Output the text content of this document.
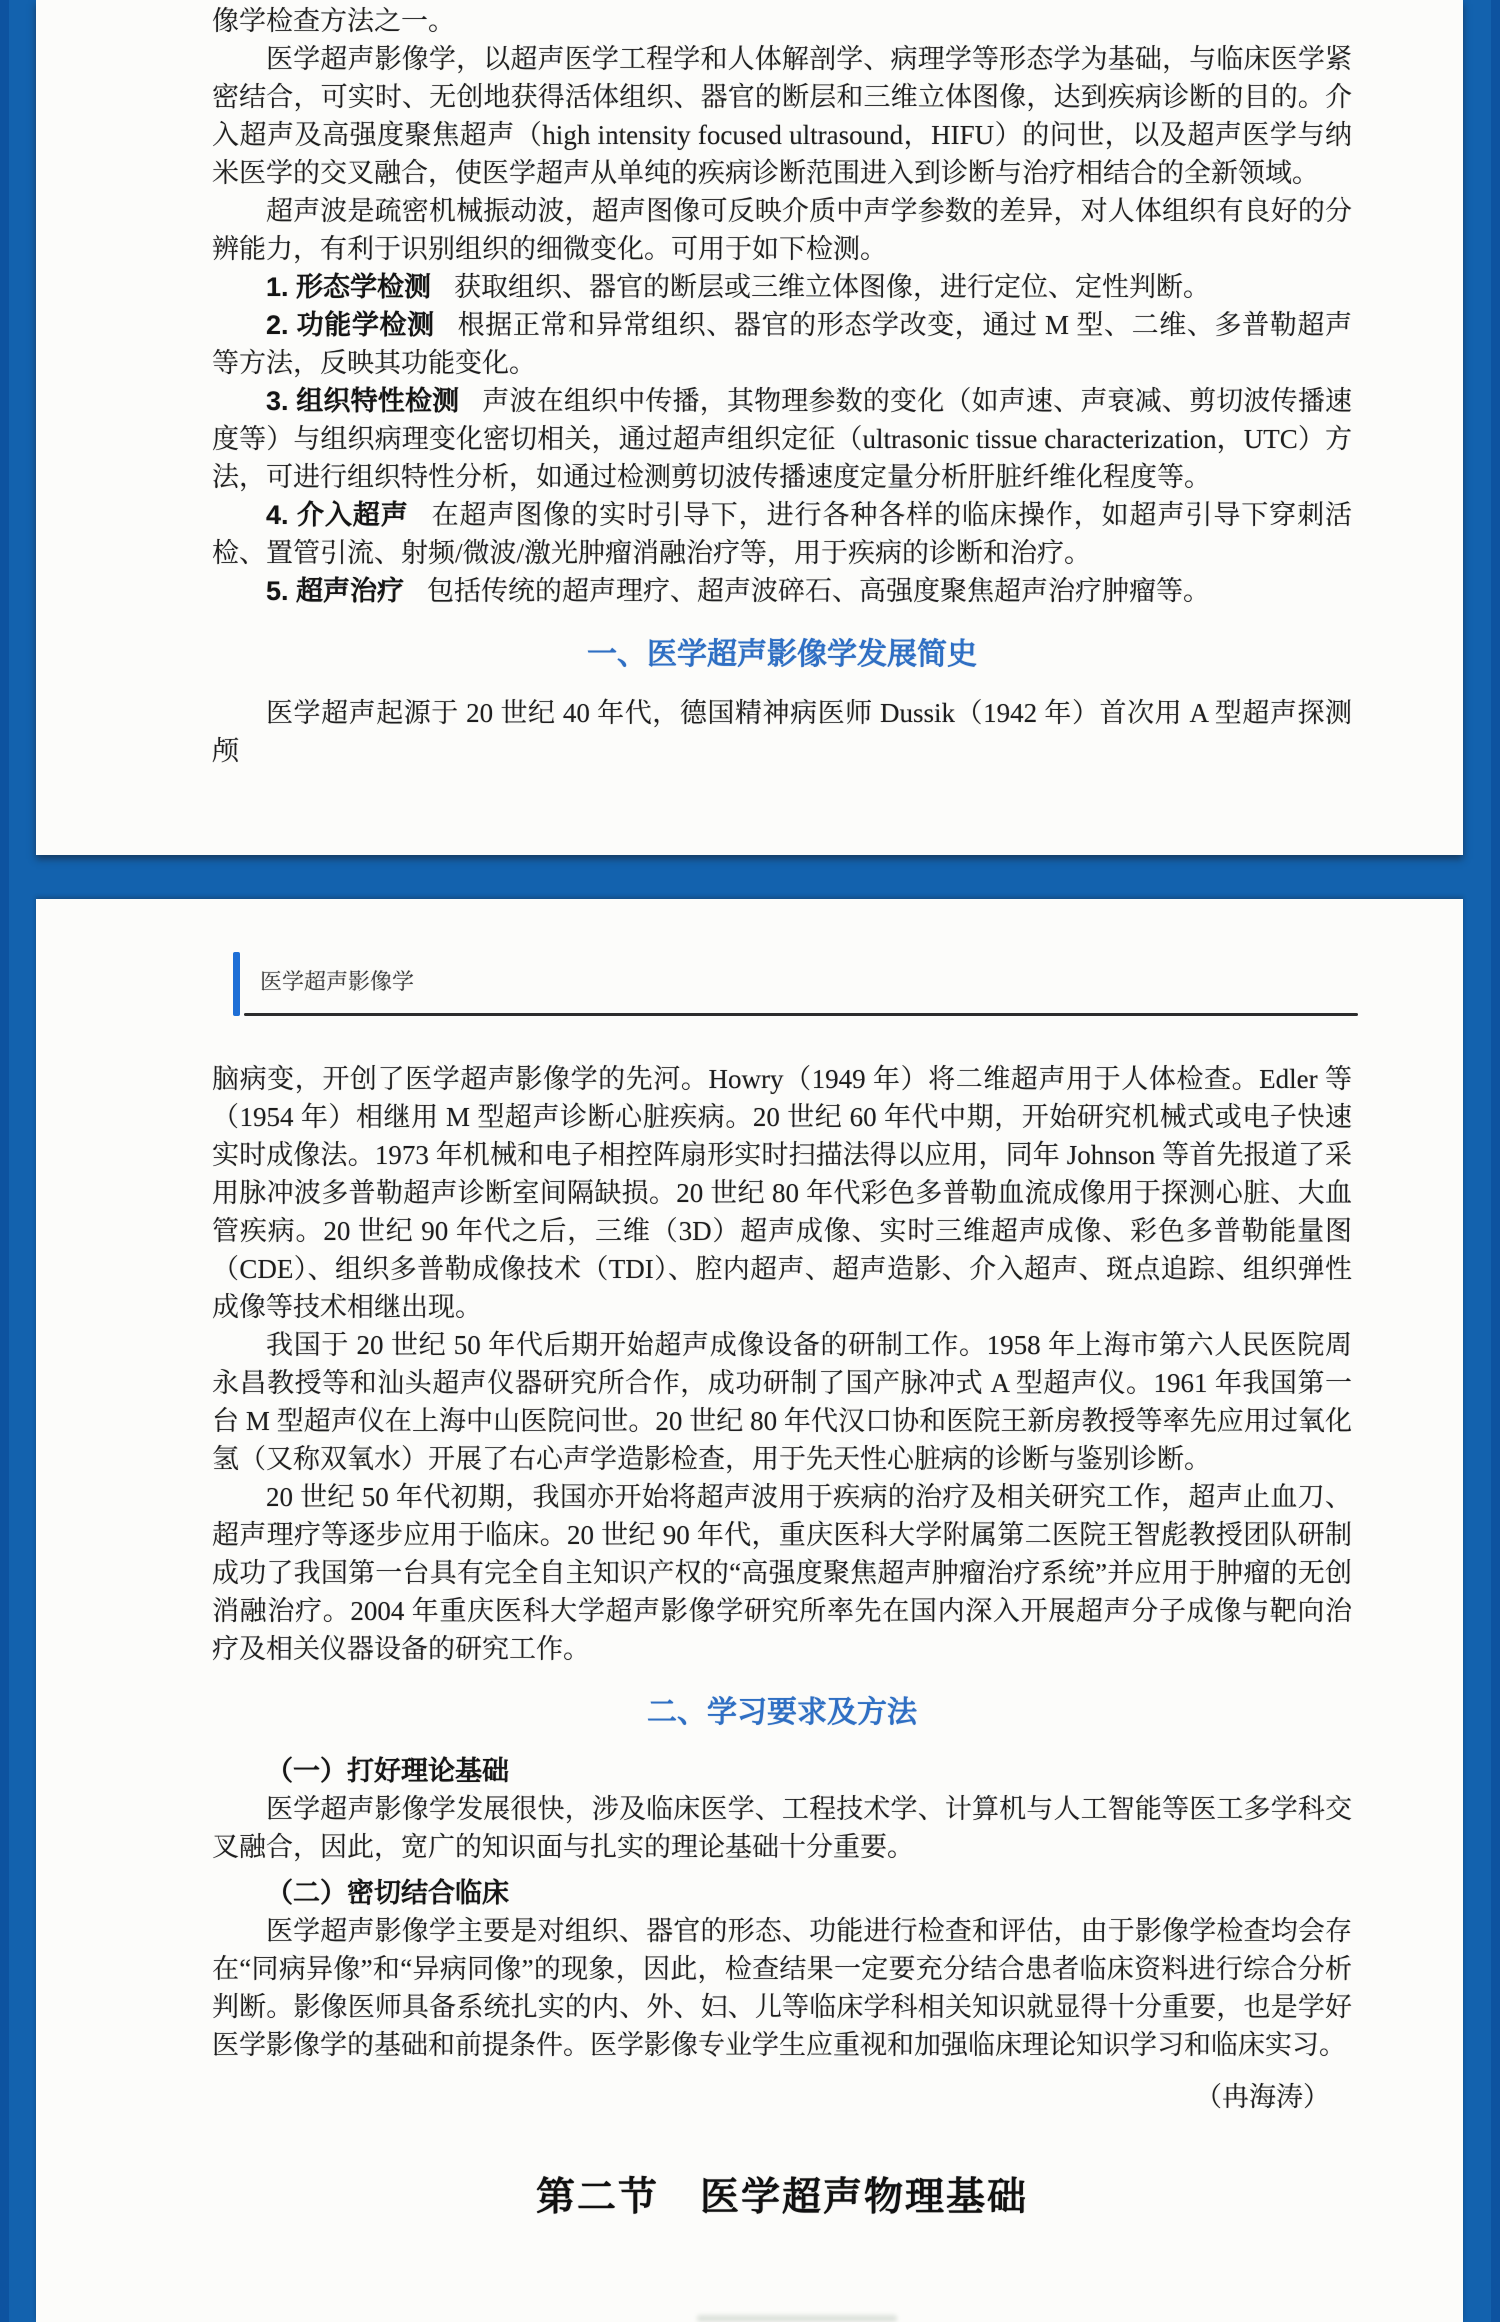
像学检查方法之一。

医学超声影像学，以超声医学工程学和人体解剖学、病理学等形态学为基础，与临床医学紧密结合，可实时、无创地获得活体组织、器官的断层和三维立体图像，达到疾病诊断的目的。介入超声及高强度聚焦超声（high intensity focused ultrasound，HIFU）的问世，以及超声医学与纳米医学的交叉融合，使医学超声从单纯的疾病诊断范围进入到诊断与治疗相结合的全新领域。

超声波是疏密机械振动波，超声图像可反映介质中声学参数的差异，对人体组织有良好的分辨能力，有利于识别组织的细微变化。可用于如下检测。

1. 形态学检测 获取组织、器官的断层或三维立体图像，进行定位、定性判断。

2. 功能学检测 根据正常和异常组织、器官的形态学改变，通过 M 型、二维、多普勒超声等方法，反映其功能变化。

3. 组织特性检测 声波在组织中传播，其物理参数的变化（如声速、声衰减、剪切波传播速度等）与组织病理变化密切相关，通过超声组织定征（ultrasonic tissue characterization，UTC）方法，可进行组织特性分析，如通过检测剪切波传播速度定量分析肝脏纤维化程度等。

4. 介入超声 在超声图像的实时引导下，进行各种各样的临床操作，如超声引导下穿刺活检、置管引流、射频/微波/激光肿瘤消融治疗等，用于疾病的诊断和治疗。

5. 超声治疗 包括传统的超声理疗、超声波碎石、高强度聚焦超声治疗肿瘤等。

一、医学超声影像学发展简史

医学超声起源于 20 世纪 40 年代，德国精神病医师 Dussik（1942 年）首次用 A 型超声探测颅

医学超声影像学

脑病变，开创了医学超声影像学的先河。Howry（1949 年）将二维超声用于人体检查。Edler 等（1954 年）相继用 M 型超声诊断心脏疾病。20 世纪 60 年代中期，开始研究机械式或电子快速实时成像法。1973 年机械和电子相控阵扇形实时扫描法得以应用，同年 Johnson 等首先报道了采用脉冲波多普勒超声诊断室间隔缺损。20 世纪 80 年代彩色多普勒血流成像用于探测心脏、大血管疾病。20 世纪 90 年代之后，三维（3D）超声成像、实时三维超声成像、彩色多普勒能量图（CDE）、组织多普勒成像技术（TDI）、腔内超声、超声造影、介入超声、斑点追踪、组织弹性成像等技术相继出现。

我国于 20 世纪 50 年代后期开始超声成像设备的研制工作。1958 年上海市第六人民医院周永昌教授等和汕头超声仪器研究所合作，成功研制了国产脉冲式 A 型超声仪。1961 年我国第一台 M 型超声仪在上海中山医院问世。20 世纪 80 年代汉口协和医院王新房教授等率先应用过氧化氢（又称双氧水）开展了右心声学造影检查，用于先天性心脏病的诊断与鉴别诊断。

20 世纪 50 年代初期，我国亦开始将超声波用于疾病的治疗及相关研究工作，超声止血刀、超声理疗等逐步应用于临床。20 世纪 90 年代，重庆医科大学附属第二医院王智彪教授团队研制成功了我国第一台具有完全自主知识产权的“高强度聚焦超声肿瘤治疗系统”并应用于肿瘤的无创消融治疗。2004 年重庆医科大学超声影像学研究所率先在国内深入开展超声分子成像与靶向治疗及相关仪器设备的研究工作。

二、学习要求及方法

（一）打好理论基础

医学超声影像学发展很快，涉及临床医学、工程技术学、计算机与人工智能等医工多学科交叉融合，因此，宽广的知识面与扎实的理论基础十分重要。

（二）密切结合临床

医学超声影像学主要是对组织、器官的形态、功能进行检查和评估，由于影像学检查均会存在“同病异像”和“异病同像”的现象，因此，检查结果一定要充分结合患者临床资料进行综合分析判断。影像医师具备系统扎实的内、外、妇、儿等临床学科相关知识就显得十分重要，也是学好医学影像学的基础和前提条件。医学影像专业学生应重视和加强临床理论知识学习和临床实习。

（冉海涛）

第二节　医学超声物理基础
